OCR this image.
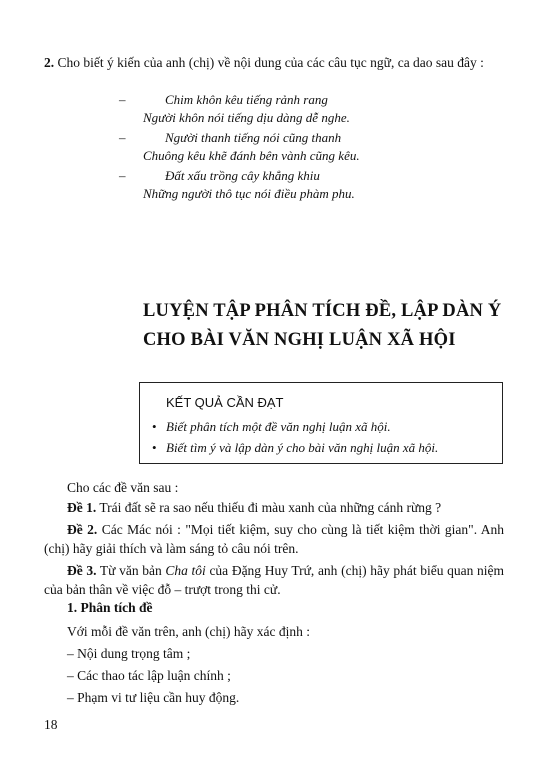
2. Cho biết ý kiến của anh (chị) về nội dung của các câu tục ngữ, ca dao sau đây :
–	Chim khôn kêu tiếng rảnh rang
Người khôn nói tiếng dịu dàng dễ nghe.
–	Người thanh tiếng nói cũng thanh
Chuông kêu khẽ đánh bên vành cũng kêu.
–	Đất xấu trồng cây khẳng khiu
Những người thô tục nói điều phàm phu.
LUYỆN TẬP PHÂN TÍCH ĐỀ, LẬP DÀN Ý
CHO BÀI VĂN NGHỊ LUẬN XÃ HỘI
KẾT QUẢ CẦN ĐẠT
• Biết phân tích một đề văn nghị luận xã hội.
• Biết tìm ý và lập dàn ý cho bài văn nghị luận xã hội.
Cho các đề văn sau :
Đề 1. Trái đất sẽ ra sao nếu thiếu đi màu xanh của những cánh rừng ?
Đề 2. Các Mác nói : "Mọi tiết kiệm, suy cho cùng là tiết kiệm thời gian". Anh (chị) hãy giải thích và làm sáng tỏ câu nói trên.
Đề 3. Từ văn bản Cha tôi của Đặng Huy Trứ, anh (chị) hãy phát biểu quan niệm của bản thân về việc đỗ – trượt trong thi cử.
1. Phân tích đề
Với mỗi đề văn trên, anh (chị) hãy xác định :
– Nội dung trọng tâm ;
– Các thao tác lập luận chính ;
– Phạm vi tư liệu cần huy động.
18
